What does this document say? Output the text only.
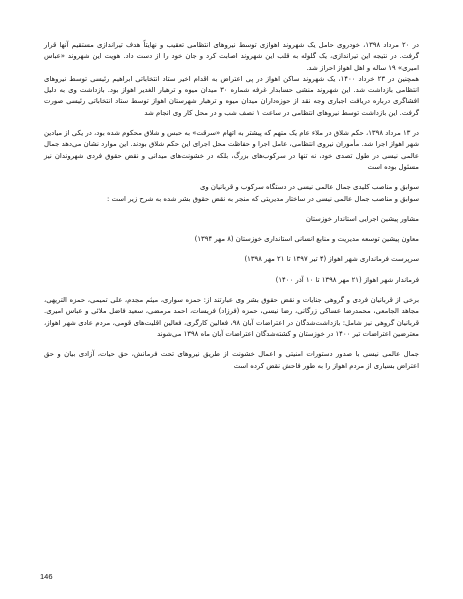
در ۲۰ مرداد ۱۳۹۸، خودروی حامل یک شهروند اهوازی توسط نیروهای انتظامی تعقیب و نهایتاً هدف تیراندازی مستقیم آنها قرار گرفت. در نتیجه این تیراندازی، یک گلوله به قلب این شهروند اصابت کرد و جان خود را از دست داد. هویت این شهروند «عباس امیری» ۱۹ ساله و اهل اهواز احراز شد.

همچنین در ۲۳ خرداد ۱۴۰۰، یک شهروند ساکن اهواز در پی اعتراض به اقدام اخیر ستاد انتخاباتی ابراهیم رئیسی توسط نیروهای انتظامی بازداشت شد. این شهروند منشی حسابدار غرفه شماره ۳۰ میدان میوه و ترهبار الغدیر اهواز بود. بازداشت وی به دلیل افشاگری درباره دریافت اجباری وجه نقد از حوزه‌داران میدان میوه و ترهبار شهرستان اهواز توسط ستاد انتخاباتی رئیسی صورت گرفت. این بازداشت توسط نیروهای انتظامی در ساعت ۱ نصف شب و در محل کار وی انجام شد

در ۱۳ مرداد ۱۳۹۸، حکم شلاق در ملاء عام یک متهم که پیشتر به اتهام «سرقت» به حبس و شلاق محکوم شده بود، در یکی از میادین شهر اهواز اجرا شد. مأموران نیروی انتظامی، عامل اجرا و حفاظت محل اجرای این حکم شلاق بودند. این موارد نشان می‌دهد جمال عالمی نیسی در طول تصدی خود، نه تنها در سرکوب‌های بزرگ، بلکه در خشونت‌های میدانی و نقض حقوق فردی شهروندان نیز مسئول بوده است

سوابق و مناصب کلیدی جمال عالمی نیسی در دستگاه سرکوب و قربانیان وی

سوابق و مناصب جمال عالمی نیسی در ساختار مدیریتی که منجر به نقض حقوق بشر شده به شرح زیر است :

مشاور پیشین اجرایی استاندار خوزستان

معاون پیشین توسعه مدیریت و منابع انسانی استانداری خوزستان (۸ مهر ۱۳۹۴)

سرپرست فرمانداری شهر اهواز (۴ تیر ۱۳۹۷ تا ۲۱ مهر ۱۳۹۸)

فرماندار شهر اهواز (۲۱ مهر ۱۳۹۸ تا ۱۰ آذر ۱۴۰۰)

برخی از قربانیان فردی و گروهی جنایات و نقض حقوق بشر وی عبارتند از: حمزه سواری، میثم مجدم، علی تمیمی، حمزه التریهی، مجاهد الجامعی، محمدرضا عساکی زرگانی، رضا نیسی، حمزه (فرزاد) فریسات، احمد مرمضی، سعید فاضل ملائی و عباس امیری. قربانیان گروهی نیز شامل: بازداشت‌شدگان در اعتراضات آبان ۹۸، فعالین کارگری، فعالین اقلیت‌های قومی، مردم عادی شهر اهواز، معترضین اعتراضات تیر ۱۴۰۰ در خوزستان و کشته‌شدگان اعتراضات آبان ماه ۱۳۹۸ می‌شوند

جمال عالمی نیسی با صدور دستورات امنیتی و اعمال خشونت از طریق نیروهای تحت فرمانش، حق حیات، آزادی بیان و حق اعتراض بسیاری از مردم اهواز را به طور فاحش نقض کرده است

146
